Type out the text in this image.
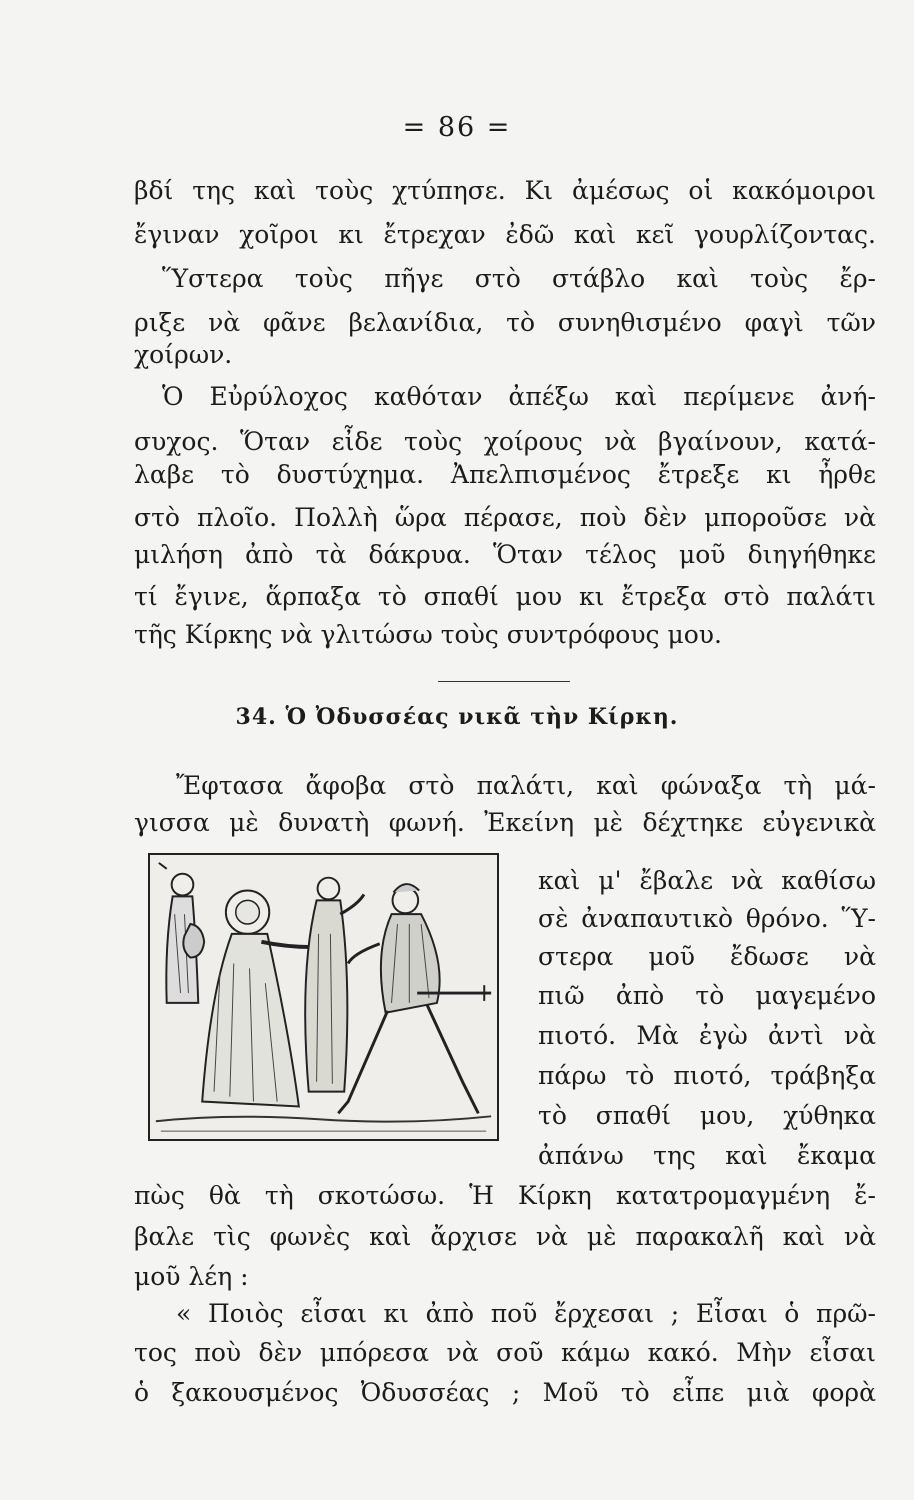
= 86 =
βδί της καὶ τοὺς χτύπησε. Κι ἀμέσως οἱ κακόμοιροι
ἔγιναν χοῖροι κι ἔτρεχαν ἐδῶ καὶ κεῖ γουρλίζοντας.
Ὕστερα τοὺς πῆγε στὸ στάβλο καὶ τοὺς ἔρ-
ριξε νὰ φᾶνε βελανίδια, τὸ συνηθισμένο φαγὶ τῶν
χοίρων.
Ὁ Εὐρύλοχος καθόταν ἀπέξω καὶ περίμενε ἀνή-
συχος. Ὅταν εἶδε τοὺς χοίρους νὰ βγαίνουν, κατά-
λαβε τὸ δυστύχημα. Ἀπελπισμένος ἔτρεξε κι ἦρθε
στὸ πλοῖο. Πολλὴ ὥρα πέρασε, ποὺ δὲν μποροῦσε νὰ
μιλήση ἀπὸ τὰ δάκρυα. Ὅταν τέλος μοῦ διηγήθηκε
τί ἔγινε, ἅρπαξα τὸ σπαθί μου κι ἔτρεξα στὸ παλάτι
τῆς Κίρκης νὰ γλιτώσω τοὺς συντρόφους μου.
34. Ὁ Ὀδυσσέας νικᾶ τὴν Κίρκη.
Ἔφτασα ἄφοβα στὸ παλάτι, καὶ φώναξα τὴ μά-
γισσα μὲ δυνατὴ φωνή. Ἐκείνη μὲ δέχτηκε εὐγενικὰ
καὶ μ' ἔβαλε νὰ καθίσω
σὲ ἀναπαυτικὸ θρόνο. Ὕ-
στερα μοῦ ἔδωσε νὰ
πιῶ ἀπὸ τὸ μαγεμένο
πιοτό. Μὰ ἐγὼ ἀντὶ νὰ
πάρω τὸ πιοτό, τράβηξα
τὸ σπαθί μου, χύθηκα
ἀπάνω της καὶ ἔκαμα
πὼς θὰ τὴ σκοτώσω. Ἡ Κίρκη κατατρομαγμένη ἔ-
βαλε τὶς φωνὲς καὶ ἄρχισε νὰ μὲ παρακαλῆ καὶ νὰ
μοῦ λέη :
« Ποιὸς εἶσαι κι ἀπὸ ποῦ ἔρχεσαι ; Εἶσαι ὁ πρῶ-
τος ποὺ δὲν μπόρεσα νὰ σοῦ κάμω κακό. Μὴν εἶσαι
ὁ ξακουσμένος Ὀδυσσέας ; Μοῦ τὸ εἶπε μιὰ φορὰ
